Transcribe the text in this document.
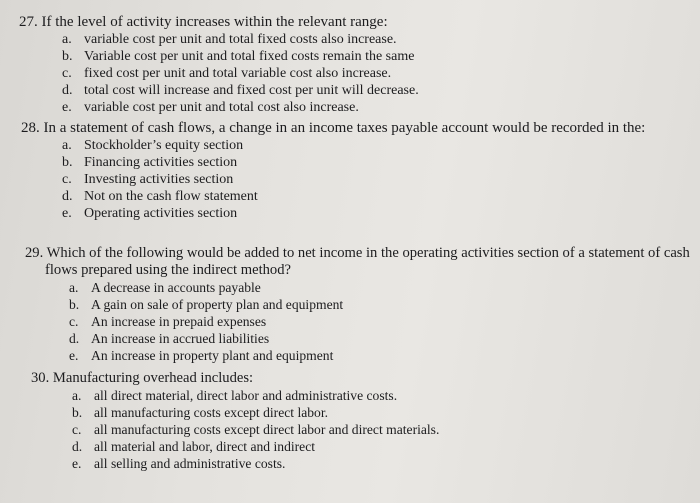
27. If the level of activity increases within the relevant range:
a. variable cost per unit and total fixed costs also increase.
b. Variable cost per unit and total fixed costs remain the same
c. fixed cost per unit and total variable cost also increase.
d. total cost will increase and fixed cost per unit will decrease.
e. variable cost per unit and total cost also increase.
28. In a statement of cash flows, a change in an income taxes payable account would be recorded in the:
a. Stockholder’s equity section
b. Financing activities section
c. Investing activities section
d. Not on the cash flow statement
e. Operating activities section
29. Which of the following would be added to net income in the operating activities section of a statement of cash
flows prepared using the indirect method?
a. A decrease in accounts payable
b. A gain on sale of property plan and equipment
c. An increase in prepaid expenses
d. An increase in accrued liabilities
e. An increase in property plant and equipment
30. Manufacturing overhead includes:
a. all direct material, direct labor and administrative costs.
b. all manufacturing costs except direct labor.
c. all manufacturing costs except direct labor and direct materials.
d. all material and labor, direct and indirect
e. all selling and administrative costs.
